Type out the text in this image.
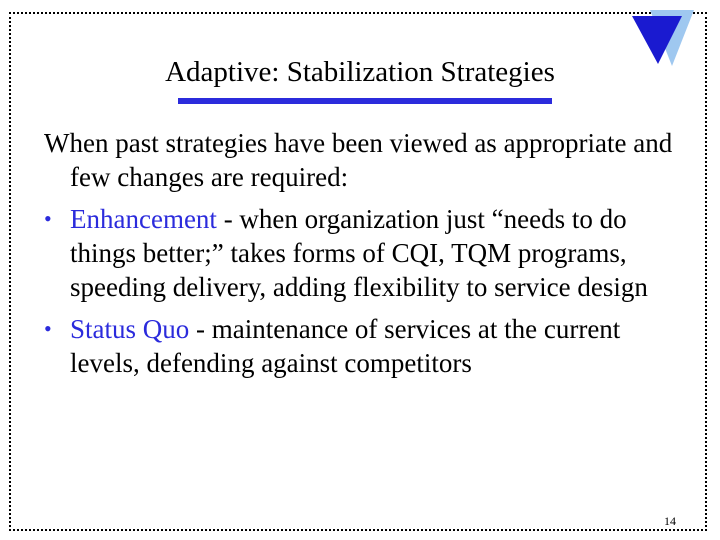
Adaptive: Stabilization Strategies

When past strategies have been viewed as appropriate and few changes are required:

• Enhancement - when organization just “needs to do things better;” takes forms of CQI, TQM programs, speeding delivery, adding flexibility to service design

• Status Quo - maintenance of services at the current levels, defending against competitors

14
